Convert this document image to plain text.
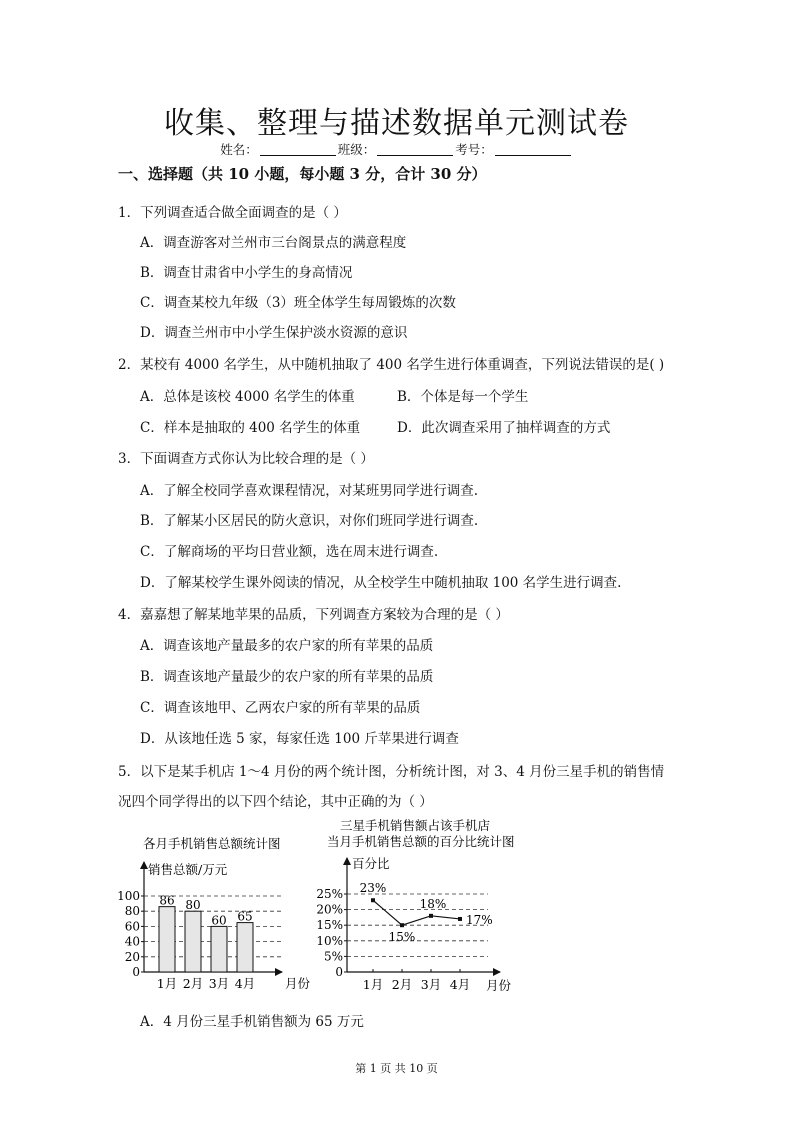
收集、整理与描述数据单元测试卷
姓名：	班级：	考号：
一、选择题（共 10 小题，每小题 3 分，合计 30 分）
1．下列调查适合做全面调查的是（ ）
A．调查游客对兰州市三台阁景点的满意程度
B．调查甘肃省中小学生的身高情况
C．调查某校九年级（3）班全体学生每周锻炼的次数
D．调查兰州市中小学生保护淡水资源的意识
2．某校有 4000 名学生，从中随机抽取了 400 名学生进行体重调查，下列说法错误的是( )
A．总体是该校 4000 名学生的体重	B．个体是每一个学生
C．样本是抽取的 400 名学生的体重	D．此次调查采用了抽样调查的方式
3．下面调查方式你认为比较合理的是（ ）
A．了解全校同学喜欢课程情况，对某班男同学进行调查.
B．了解某小区居民的防火意识，对你们班同学进行调查.
C．了解商场的平均日营业额，选在周末进行调查.
D．了解某校学生课外阅读的情况，从全校学生中随机抽取 100 名学生进行调查.
4．嘉嘉想了解某地苹果的品质，下列调查方案较为合理的是（ ）
A．调查该地产量最多的农户家的所有苹果的品质
B．调查该地产量最少的农户家的所有苹果的品质
C．调查该地甲、乙两农户家的所有苹果的品质
D．从该地任选 5 家，每家任选 100 斤苹果进行调查
5．以下是某手机店 1～4 月份的两个统计图，分析统计图，对 3、4 月份三星手机的销售情
况四个同学得出的以下四个结论，其中正确的为（ ）
各月手机销售总额统计图
销售总额/万元
月份
0
20
40
60
80
100 86
1月
80
2月
60
3月
65
4月
三星手机销售额占该手机店
当月手机销售总额的百分比统计图
百分比
月份
0
5%
10%
15%
20%
25% 23%
1月
15%
2月
18%
3月
17%
4月
A．4 月份三星手机销售额为 65 万元
第 1 页 共 10 页
